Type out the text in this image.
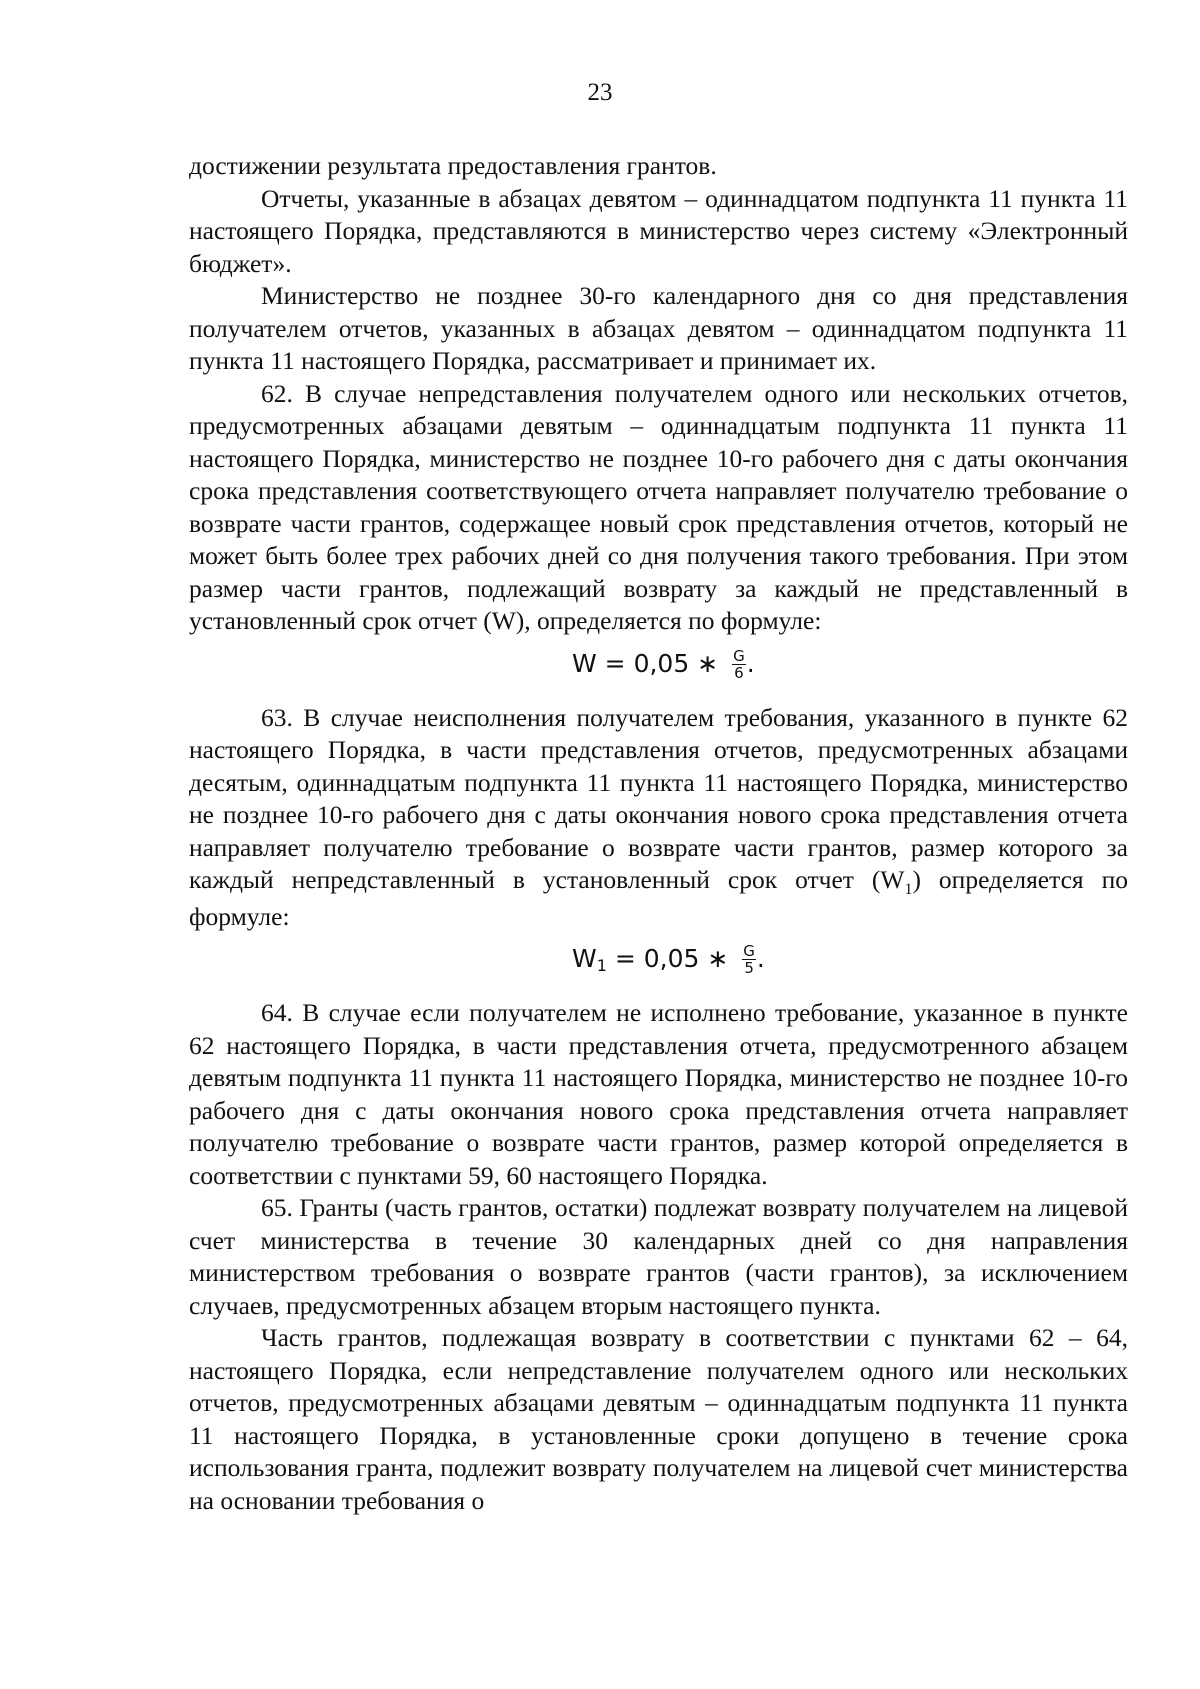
23

достижении результата предоставления грантов.

Отчеты, указанные в абзацах девятом – одиннадцатом подпункта 11 пункта 11 настоящего Порядка, представляются в министерство через систему «Электронный бюджет».

Министерство не позднее 30-го календарного дня со дня представления получателем отчетов, указанных в абзацах девятом – одиннадцатом подпункта 11 пункта 11 настоящего Порядка, рассматривает и принимает их.

62. В случае непредставления получателем одного или нескольких отчетов, предусмотренных абзацами девятым – одиннадцатым подпункта 11 пункта 11 настоящего Порядка, министерство не позднее 10-го рабочего дня с даты окончания срока представления соответствующего отчета направляет получателю требование о возврате части грантов, содержащее новый срок представления отчетов, который не может быть более трех рабочих дней со дня получения такого требования. При этом размер части грантов, подлежащий возврату за каждый не представленный в установленный срок отчет (W), определяется по формуле:

W = 0,05 ∗ $\frac{G}{6}$ .

63. В случае неисполнения получателем требования, указанного в пункте 62 настоящего Порядка, в части представления отчетов, предусмотренных абзацами десятым, одиннадцатым подпункта 11 пункта 11 настоящего Порядка, министерство не позднее 10-го рабочего дня с даты окончания нового срока представления отчета направляет получателю требование о возврате части грантов, размер которого за каждый непредставленный в установленный срок отчет $(W_1)$ определяется по формуле:

W 1 = 0,05 ∗ $\frac{G}{5}$ .

64. В случае если получателем не исполнено требование, указанное в пункте 62 настоящего Порядка, в части представления отчета, предусмотренного абзацем девятым подпункта 11 пункта 11 настоящего Порядка, министерство не позднее 10-го рабочего дня с даты окончания нового срока представления отчета направляет получателю требование о возврате части грантов, размер которой определяется в соответствии с пунктами 59, 60 настоящего Порядка.

65. Гранты (часть грантов, остатки) подлежат возврату получателем на лицевой счет министерства в течение 30 календарных дней со дня направления министерством требования о возврате грантов (части грантов), за исключением случаев, предусмотренных абзацем вторым настоящего пункта.

Часть грантов, подлежащая возврату в соответствии с пунктами 62 – 64, настоящего Порядка, если непредставление получателем одного или нескольких отчетов, предусмотренных абзацами девятым – одиннадцатым подпункта 11 пункта 11 настоящего Порядка, в установленные сроки допущено в течение срока использования гранта, подлежит возврату получателем на лицевой счет министерства на основании требования о
